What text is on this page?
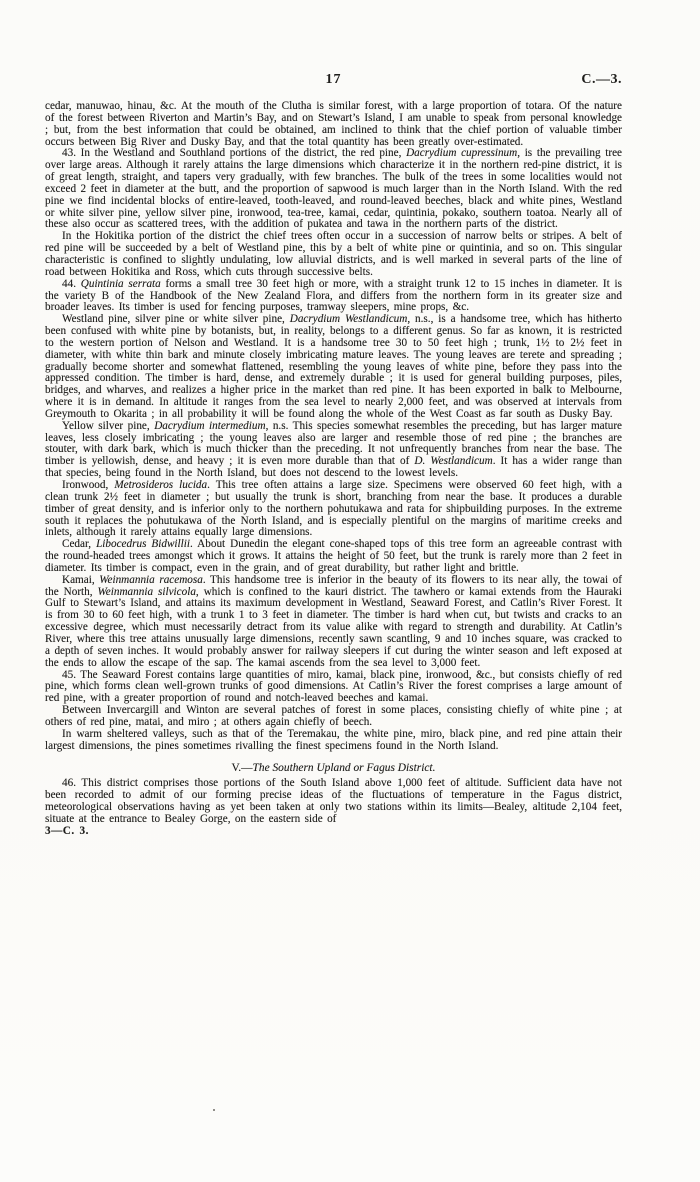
17	C.—3.

cedar, manuwao, hinau, &c. At the mouth of the Clutha is similar forest, with a large proportion of totara. Of the nature of the forest between Riverton and Martin’s Bay, and on Stewart’s Island, I am unable to speak from personal knowledge ; but, from the best information that could be obtained, am inclined to think that the chief portion of valuable timber occurs between Big River and Dusky Bay, and that the total quantity has been greatly over-estimated.

43. In the Westland and Southland portions of the district, the red pine, Dacrydium cupressinum, is the prevailing tree over large areas. Although it rarely attains the large dimensions which characterize it in the northern red-pine district, it is of great length, straight, and tapers very gradually, with few branches. The bulk of the trees in some localities would not exceed 2 feet in diameter at the butt, and the proportion of sapwood is much larger than in the North Island. With the red pine we find incidental blocks of entire-leaved, tooth-leaved, and round-leaved beeches, black and white pines, Westland or white silver pine, yellow silver pine, ironwood, tea-tree, kamai, cedar, quintinia, pokako, southern toatoa. Nearly all of these also occur as scattered trees, with the addition of pukatea and tawa in the northern parts of the district.

In the Hokitika portion of the district the chief trees often occur in a succession of narrow belts or stripes. A belt of red pine will be succeeded by a belt of Westland pine, this by a belt of white pine or quintinia, and so on. This singular characteristic is confined to slightly undulating, low alluvial districts, and is well marked in several parts of the line of road between Hokitika and Ross, which cuts through successive belts.

44. Quintinia serrata forms a small tree 30 feet high or more, with a straight trunk 12 to 15 inches in diameter. It is the variety B of the Handbook of the New Zealand Flora, and differs from the northern form in its greater size and broader leaves. Its timber is used for fencing purposes, tramway sleepers, mine props, &c.

Westland pine, silver pine or white silver pine, Dacrydium Westlandicum, n.s., is a handsome tree, which has hitherto been confused with white pine by botanists, but, in reality, belongs to a different genus. So far as known, it is restricted to the western portion of Nelson and Westland. It is a handsome tree 30 to 50 feet high ; trunk, 1½ to 2½ feet in diameter, with white thin bark and minute closely imbricating mature leaves. The young leaves are terete and spreading ; gradually become shorter and somewhat flattened, resembling the young leaves of white pine, before they pass into the appressed condition. The timber is hard, dense, and extremely durable ; it is used for general building purposes, piles, bridges, and wharves, and realizes a higher price in the market than red pine. It has been exported in balk to Melbourne, where it is in demand. In altitude it ranges from the sea level to nearly 2,000 feet, and was observed at intervals from Greymouth to Okarita ; in all probability it will be found along the whole of the West Coast as far south as Dusky Bay.

Yellow silver pine, Dacrydium intermedium, n.s. This species somewhat resembles the preceding, but has larger mature leaves, less closely imbricating ; the young leaves also are larger and resemble those of red pine ; the branches are stouter, with dark bark, which is much thicker than the preceding. It not unfrequently branches from near the base. The timber is yellowish, dense, and heavy ; it is even more durable than that of D. Westlandicum. It has a wider range than that species, being found in the North Island, but does not descend to the lowest levels.

Ironwood, Metrosideros lucida. This tree often attains a large size. Specimens were observed 60 feet high, with a clean trunk 2½ feet in diameter ; but usually the trunk is short, branching from near the base. It produces a durable timber of great density, and is inferior only to the northern pohutukawa and rata for shipbuilding purposes. In the extreme south it replaces the pohutukawa of the North Island, and is especially plentiful on the margins of maritime creeks and inlets, although it rarely attains equally large dimensions.

Cedar, Libocedrus Bidwillii. About Dunedin the elegant cone-shaped tops of this tree form an agreeable contrast with the round-headed trees amongst which it grows. It attains the height of 50 feet, but the trunk is rarely more than 2 feet in diameter. Its timber is compact, even in the grain, and of great durability, but rather light and brittle.

Kamai, Weinmannia racemosa. This handsome tree is inferior in the beauty of its flowers to its near ally, the towai of the North, Weinmannia silvicola, which is confined to the kauri district. The tawhero or kamai extends from the Hauraki Gulf to Stewart’s Island, and attains its maximum development in Westland, Seaward Forest, and Catlin’s River Forest. It is from 30 to 60 feet high, with a trunk 1 to 3 feet in diameter. The timber is hard when cut, but twists and cracks to an excessive degree, which must necessarily detract from its value alike with regard to strength and durability. At Catlin’s River, where this tree attains unusually large dimensions, recently sawn scantling, 9 and 10 inches square, was cracked to a depth of seven inches. It would probably answer for railway sleepers if cut during the winter season and left exposed at the ends to allow the escape of the sap. The kamai ascends from the sea level to 3,000 feet.

45. The Seaward Forest contains large quantities of miro, kamai, black pine, ironwood, &c., but consists chiefly of red pine, which forms clean well-grown trunks of good dimensions. At Catlin’s River the forest comprises a large amount of red pine, with a greater proportion of round and notch-leaved beeches and kamai.

Between Invercargill and Winton are several patches of forest in some places, consisting chiefly of white pine ; at others of red pine, matai, and miro ; at others again chiefly of beech.

In warm sheltered valleys, such as that of the Teremakau, the white pine, miro, black pine, and red pine attain their largest dimensions, the pines sometimes rivalling the finest specimens found in the North Island.

V.—The Southern Upland or Fagus District.

46. This district comprises those portions of the South Island above 1,000 feet of altitude. Sufficient data have not been recorded to admit of our forming precise ideas of the fluctuations of temperature in the Fagus district, meteorological observations having as yet been taken at only two stations within its limits—Bealey, altitude 2,104 feet, situate at the entrance to Bealey Gorge, on the eastern side of

3—C. 3.
